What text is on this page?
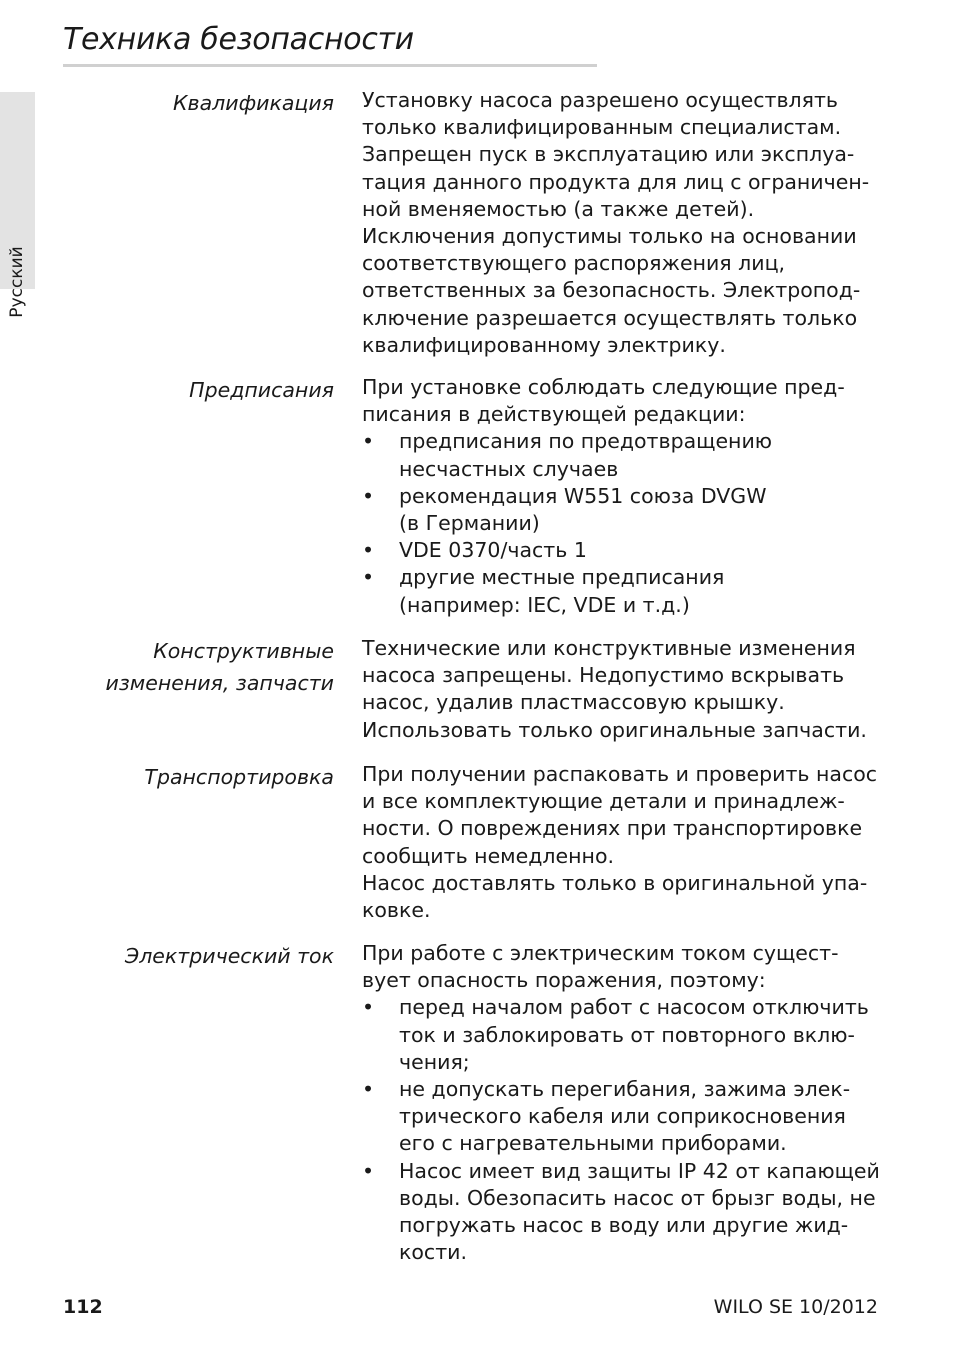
Техника безопасности
Русский
Квалификация Установку насоса разрешено осуществлять
только квалифицированным специалистам.
Запрещен пуск в эксплуатацию или эксплуа-
тация данного продукта для лиц с ограничен-
ной вменяемостью (а также детей).
Исключения допустимы только на основании
соответствующего распоряжения лиц,
ответственных за безопасность. Электропод-
ключение разрешается осуществлять только
квалифицированному электрику.
Предписания При установке соблюдать следующие пред-
писания в действующей редакции:
• предписания по предотвращению
несчастных случаев
• рекомендация W551 союза DVGW
(в Германии)
• VDE 0370/часть 1
• другие местные предписания
(например: IEC, VDE и т.д.)
Конструктивные
изменения, запчасти
Технические или конструктивные изменения
насоса запрещены. Недопустимо вскрывать
насос, удалив пластмассовую крышку.
Использовать только оригинальные запчасти.
Транспортировка При получении распаковать и проверить насос
и все комплектующие детали и принадлеж-
ности. О повреждениях при транспортировке
сообщить немедленно.
Насос доставлять только в оригинальной упа-
ковке.
Электрический ток При работе с электрическим током сущест-
вует опасность поражения, поэтому:
• перед началом работ с насосом отключить
ток и заблокировать от повторного вклю-
чения;
• не допускать перегибания, зажима элек-
трического кабеля или соприкосновения
его с нагревательными приборами.
• Насос имеет вид защиты IP 42 от капающей
воды. Обезопасить насос от брызг воды, не
погружать насос в воду или другие жид-
кости.
112	WILO SE 10/2012
